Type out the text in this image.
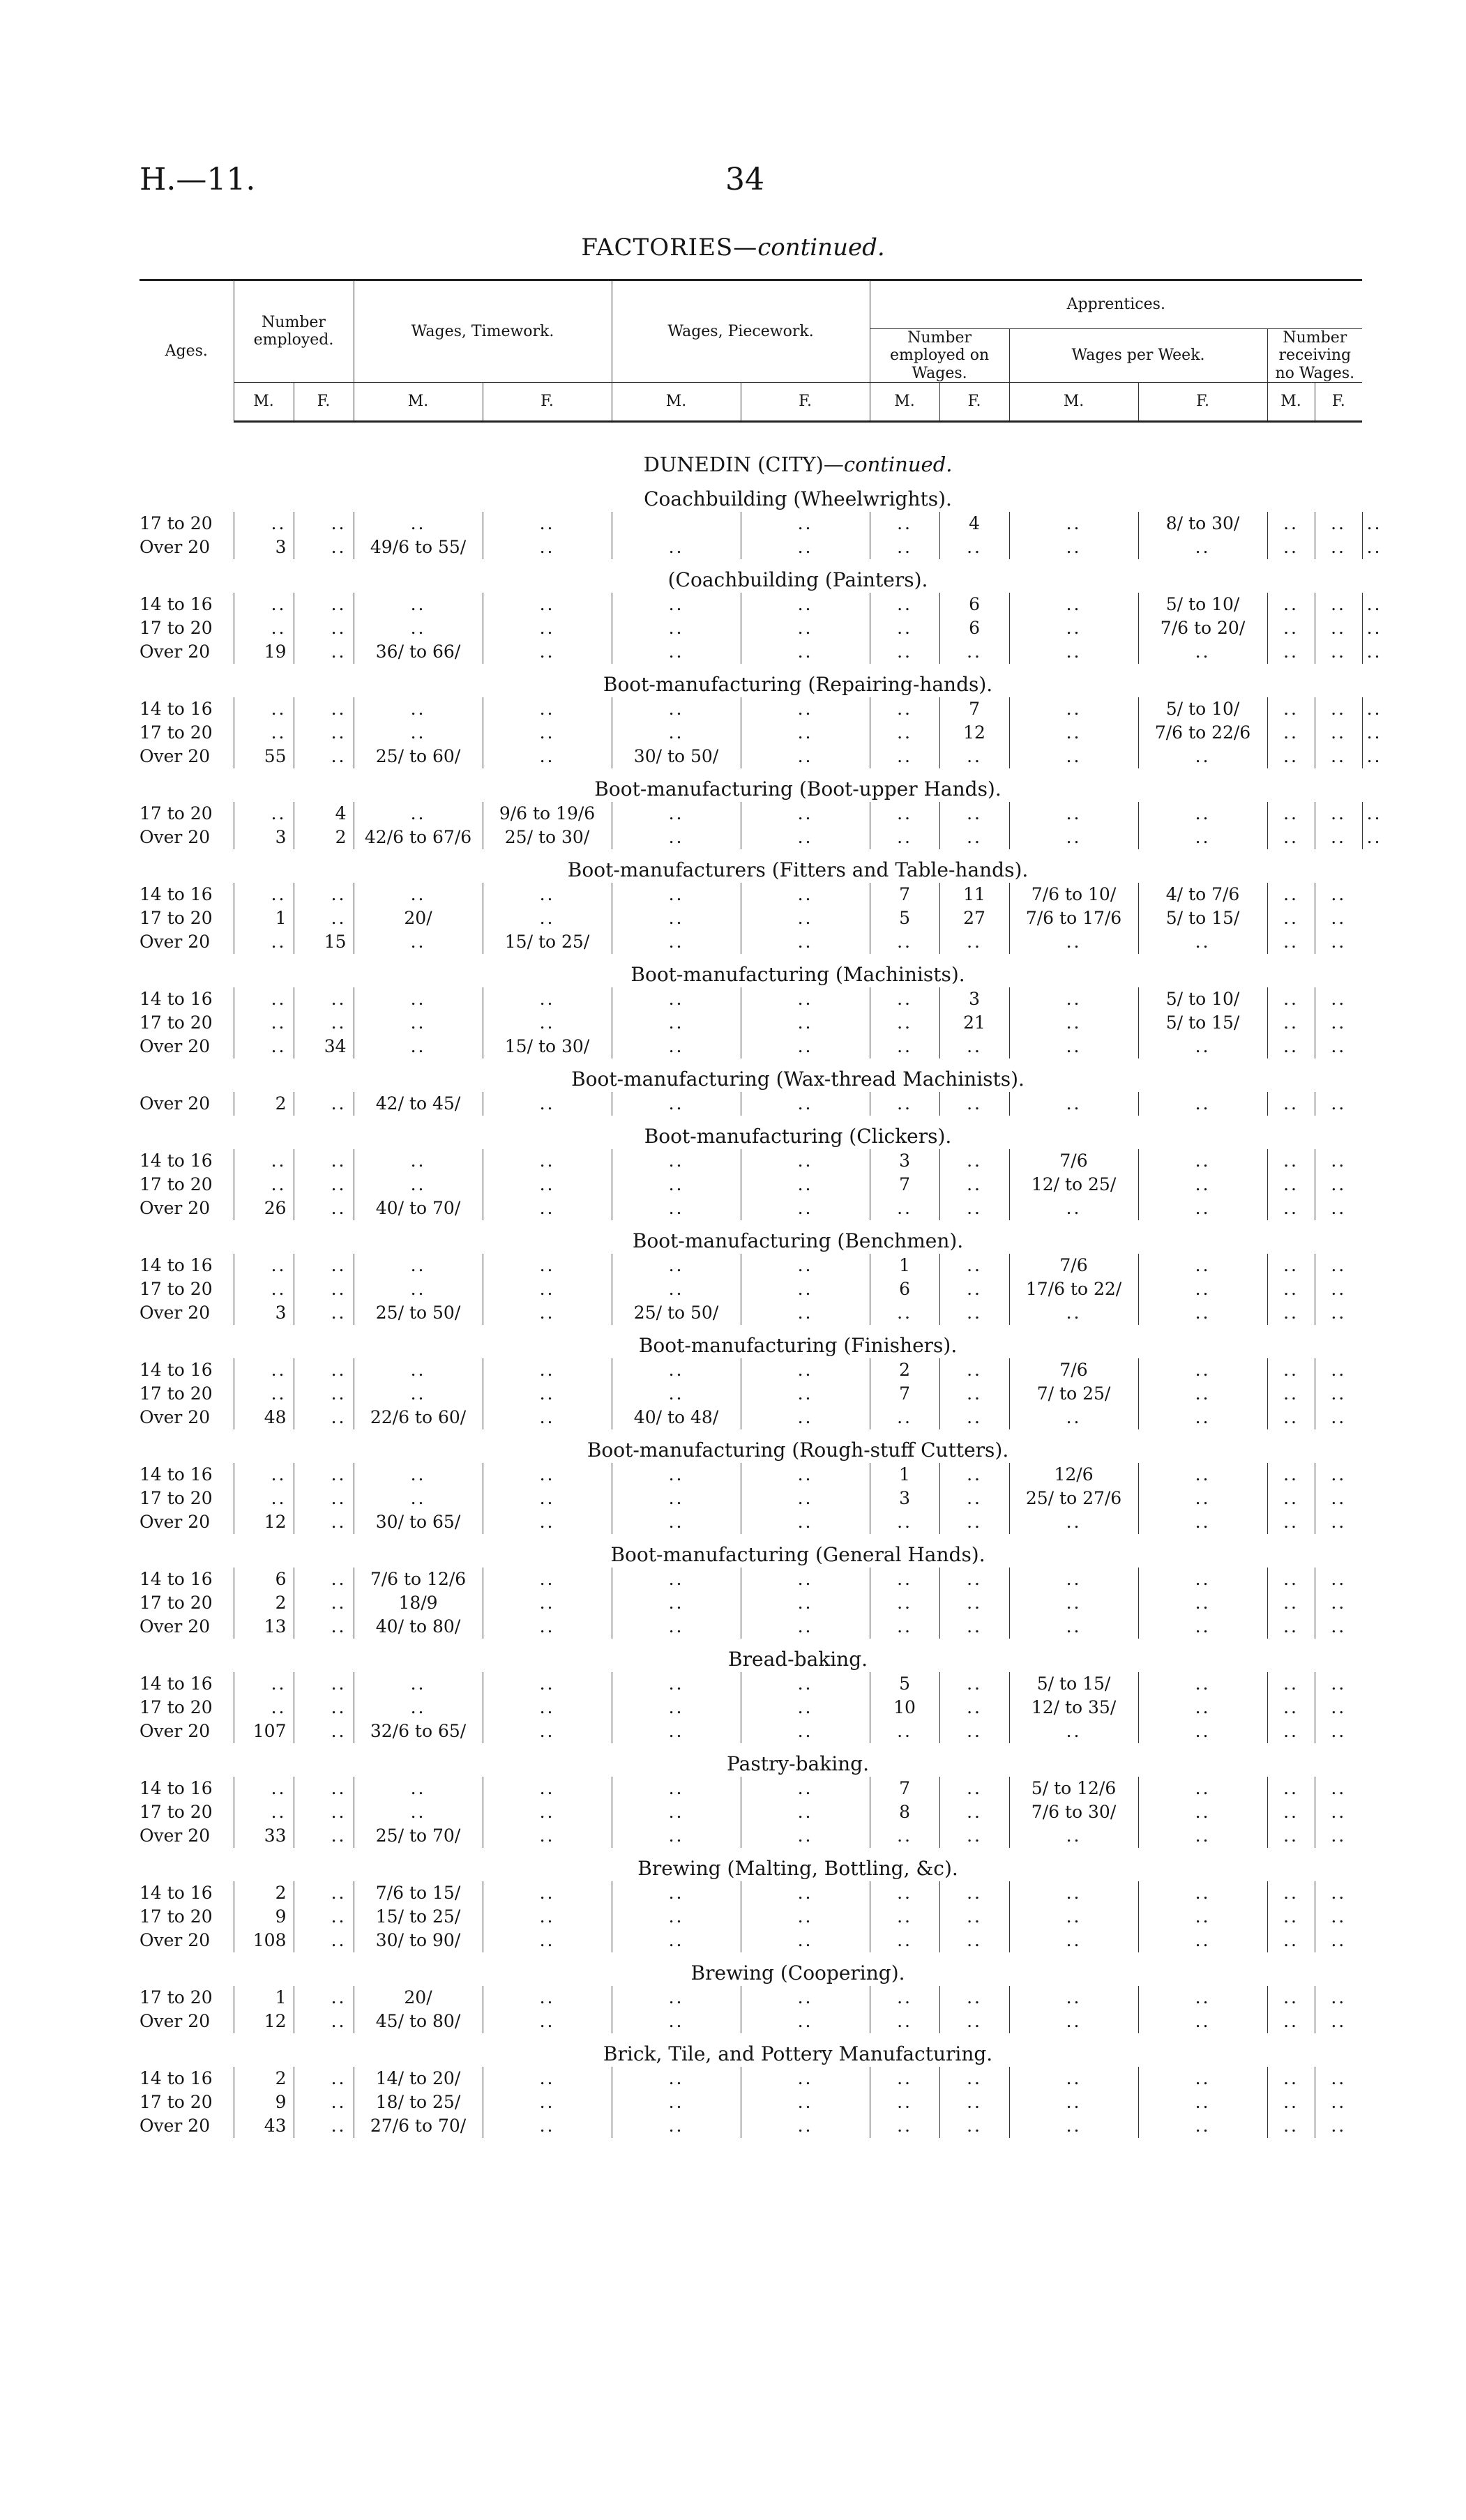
H.—11.	34
FACTORIES—continued.
Ages.	Number employed.		Wages, Timework.		Wages, Piecework.		Apprentices.						
							Number employed on Wages.		Wages per Week.		Number receiving no Wages.		
	M.	F.	M.	F.	M.	F.	M.	F.	M.	F.	M.	F.	
	DUNEDIN (CITY)—continued.												
	Coachbuilding (Wheelwrights).												
17 to 20	..	..	..	..		..	..	4	..	8/ to 30/	..	..	..
Over 20	3	..	49/6 to 55/	..	..	..	..	..	..	..	..	..	..
	(Coachbuilding (Painters).												
14 to 16	..	..	..	..	..	..	..	6	..	5/ to 10/	..	..	..
17 to 20	..	..	..	..	..	..	..	6	..	7/6 to 20/	..	..	..
Over 20	19	..	36/ to 66/	..	..	..	..	..	..	..	..	..	..
	Boot-manufacturing (Repairing-hands).												
14 to 16	..	..	..	..	..	..	..	7	..	5/ to 10/	..	..	..
17 to 20	..	..	..	..	..	..	..	12	..	7/6 to 22/6	..	..	..
Over 20	55	..	25/ to 60/	..	30/ to 50/	..	..	..	..	..	..	..	..
	Boot-manufacturing (Boot-upper Hands).												
17 to 20	..	4	..	9/6 to 19/6	..	..	..	..	..	..	..	..	..
Over 20	3	2	42/6 to 67/6	25/ to 30/	..	..	..	..	..	..	..	..	..
	Boot-manufacturers (Fitters and Table-hands).												
14 to 16	..	..	..	..	..	..	7	11	7/6 to 10/	4/ to 7/6	..	..	
17 to 20	1	..	20/	..	..	..	5	27	7/6 to 17/6	5/ to 15/	..	..	
Over 20	..	15	..	15/ to 25/	..	..	..	..	..	..	..	..	
	Boot-manufacturing (Machinists).												
14 to 16	..	..	..	..	..	..	..	3	..	5/ to 10/	..	..	
17 to 20	..	..	..	..	..	..	..	21	..	5/ to 15/	..	..	
Over 20	..	34	..	15/ to 30/	..	..	..	..	..	..	..	..	
	Boot-manufacturing (Wax-thread Machinists).												
Over 20	2	..	42/ to 45/	..	..	..	..	..	..	..	..	..	
	Boot-manufacturing (Clickers).												
14 to 16	..	..	..	..	..	..	3	..	7/6	..	..	..	
17 to 20	..	..	..	..	..	..	7	..	12/ to 25/	..	..	..	
Over 20	26	..	40/ to 70/	..	..	..	..	..	..	..	..	..	
	Boot-manufacturing (Benchmen).												
14 to 16	..	..	..	..	..	..	1	..	7/6	..	..	..	
17 to 20	..	..	..	..	..	..	6	..	17/6 to 22/	..	..	..	
Over 20	3	..	25/ to 50/	..	25/ to 50/	..	..	..	..	..	..	..	
	Boot-manufacturing (Finishers).												
14 to 16	..	..	..	..	..	..	2	..	7/6	..	..	..	
17 to 20	..	..	..	..	..	..	7	..	7/ to 25/	..	..	..	
Over 20	48	..	22/6 to 60/	..	40/ to 48/	..	..	..	..	..	..	..	
	Boot-manufacturing (Rough-stuff Cutters).												
14 to 16	..	..	..	..	..	..	1	..	12/6	..	..	..	
17 to 20	..	..	..	..	..	..	3	..	25/ to 27/6	..	..	..	
Over 20	12	..	30/ to 65/	..	..	..	..	..	..	..	..	..	
	Boot-manufacturing (General Hands).												
14 to 16	6	..	7/6 to 12/6	..	..	..	..	..	..	..	..	..	
17 to 20	2	..	18/9	..	..	..	..	..	..	..	..	..	
Over 20	13	..	40/ to 80/	..	..	..	..	..	..	..	..	..	
	Bread-baking.												
14 to 16	..	..	..	..	..	..	5	..	5/ to 15/	..	..	..	
17 to 20	..	..	..	..	..	..	10	..	12/ to 35/	..	..	..	
Over 20	107	..	32/6 to 65/	..	..	..	..	..	..	..	..	..	
	Pastry-baking.												
14 to 16	..	..	..	..	..	..	7	..	5/ to 12/6	..	..	..	
17 to 20	..	..	..	..	..	..	8	..	7/6 to 30/	..	..	..	
Over 20	33	..	25/ to 70/	..	..	..	..	..	..	..	..	..	
	Brewing (Malting, Bottling, &c).												
14 to 16	2	..	7/6 to 15/	..	..	..	..	..	..	..	..	..	
17 to 20	9	..	15/ to 25/	..	..	..	..	..	..	..	..	..	
Over 20	108	..	30/ to 90/	..	..	..	..	..	..	..	..	..	
	Brewing (Coopering).												
17 to 20	1	..	20/	..	..	..	..	..	..	..	..	..	
Over 20	12	..	45/ to 80/	..	..	..	..	..	..	..	..	..	
	Brick, Tile, and Pottery Manufacturing.												
14 to 16	2	..	14/ to 20/	..	..	..	..	..	..	..	..	..	
17 to 20	9	..	18/ to 25/	..	..	..	..	..	..	..	..	..	
Over 20	43	..	27/6 to 70/	..	..	..	..	..	..	..	..	..	
